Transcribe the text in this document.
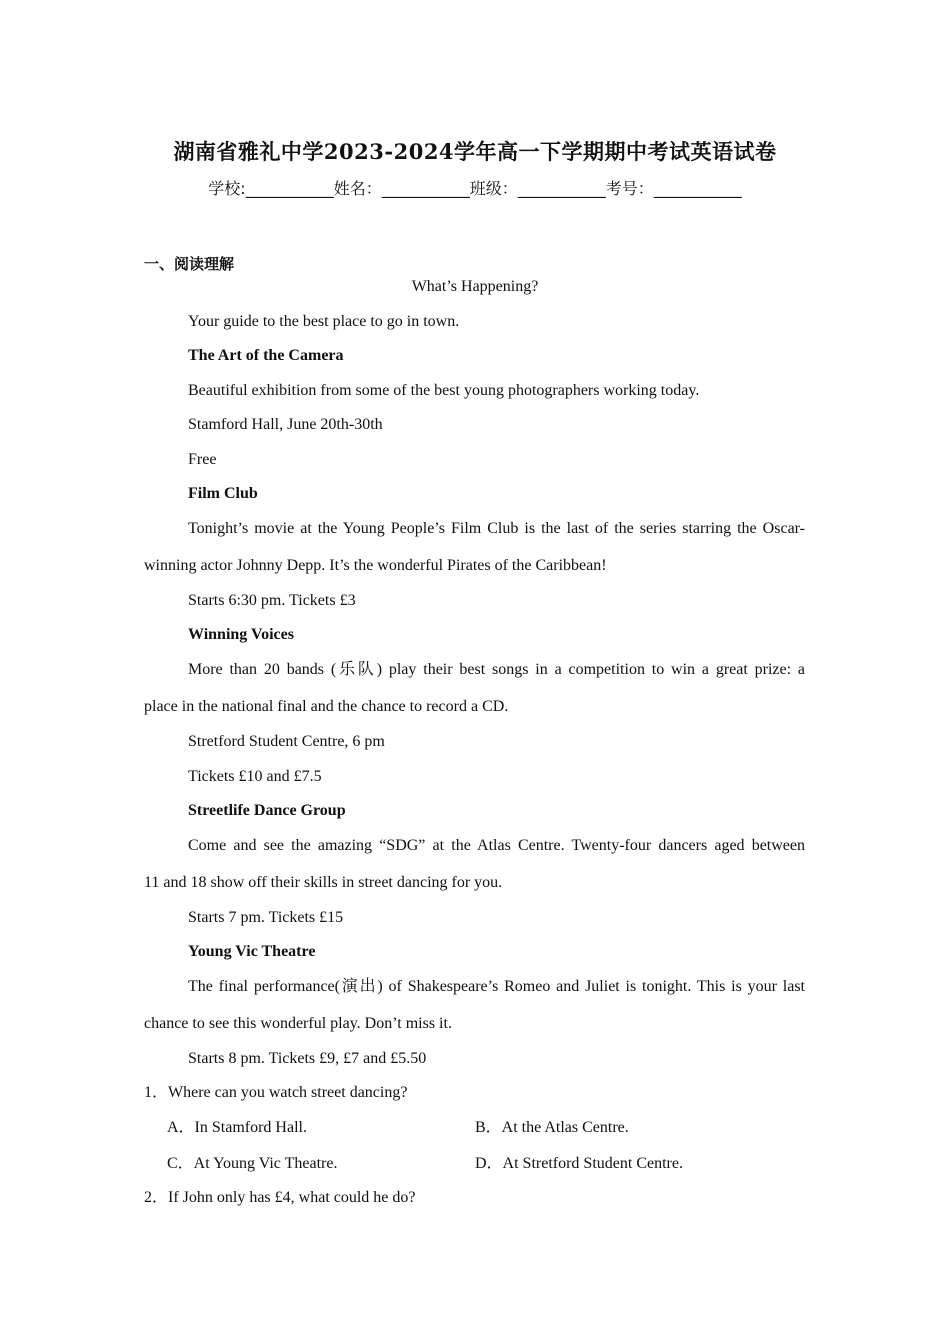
湖南省雅礼中学2023-2024学年高一下学期期中考试英语试卷
学校:___________姓名：___________班级：___________考号：___________
一、阅读理解
What’s Happening?
Your guide to the best place to go in town.
The Art of the Camera
Beautiful exhibition from some of the best young photographers working today.
Stamford Hall, June 20th-30th
Free
Film Club
Tonight’s movie at the Young People’s Film Club is the last of the series starring the Oscar-
winning actor Johnny Depp. It’s the wonderful Pirates of the Caribbean!
Starts 6:30 pm. Tickets £3
Winning Voices
More than 20 bands (乐队) play their best songs in a competition to win a great prize: a
place in the national final and the chance to record a CD.
Stretford Student Centre, 6 pm
Tickets £10 and £7.5
Streetlife Dance Group
Come and see the amazing “SDG” at the Atlas Centre. Twenty-four dancers aged between
11 and 18 show off their skills in street dancing for you.
Starts 7 pm. Tickets £15
Young Vic Theatre
The final performance(演出) of Shakespeare’s Romeo and Juliet is tonight. This is your last
chance to see this wonderful play. Don’t miss it.
Starts 8 pm. Tickets £9, £7 and £5.50
1．Where can you watch street dancing?
A．In Stamford Hall.	B．At the Atlas Centre.
C．At Young Vic Theatre.	D．At Stretford Student Centre.
2．If John only has £4, what could he do?
